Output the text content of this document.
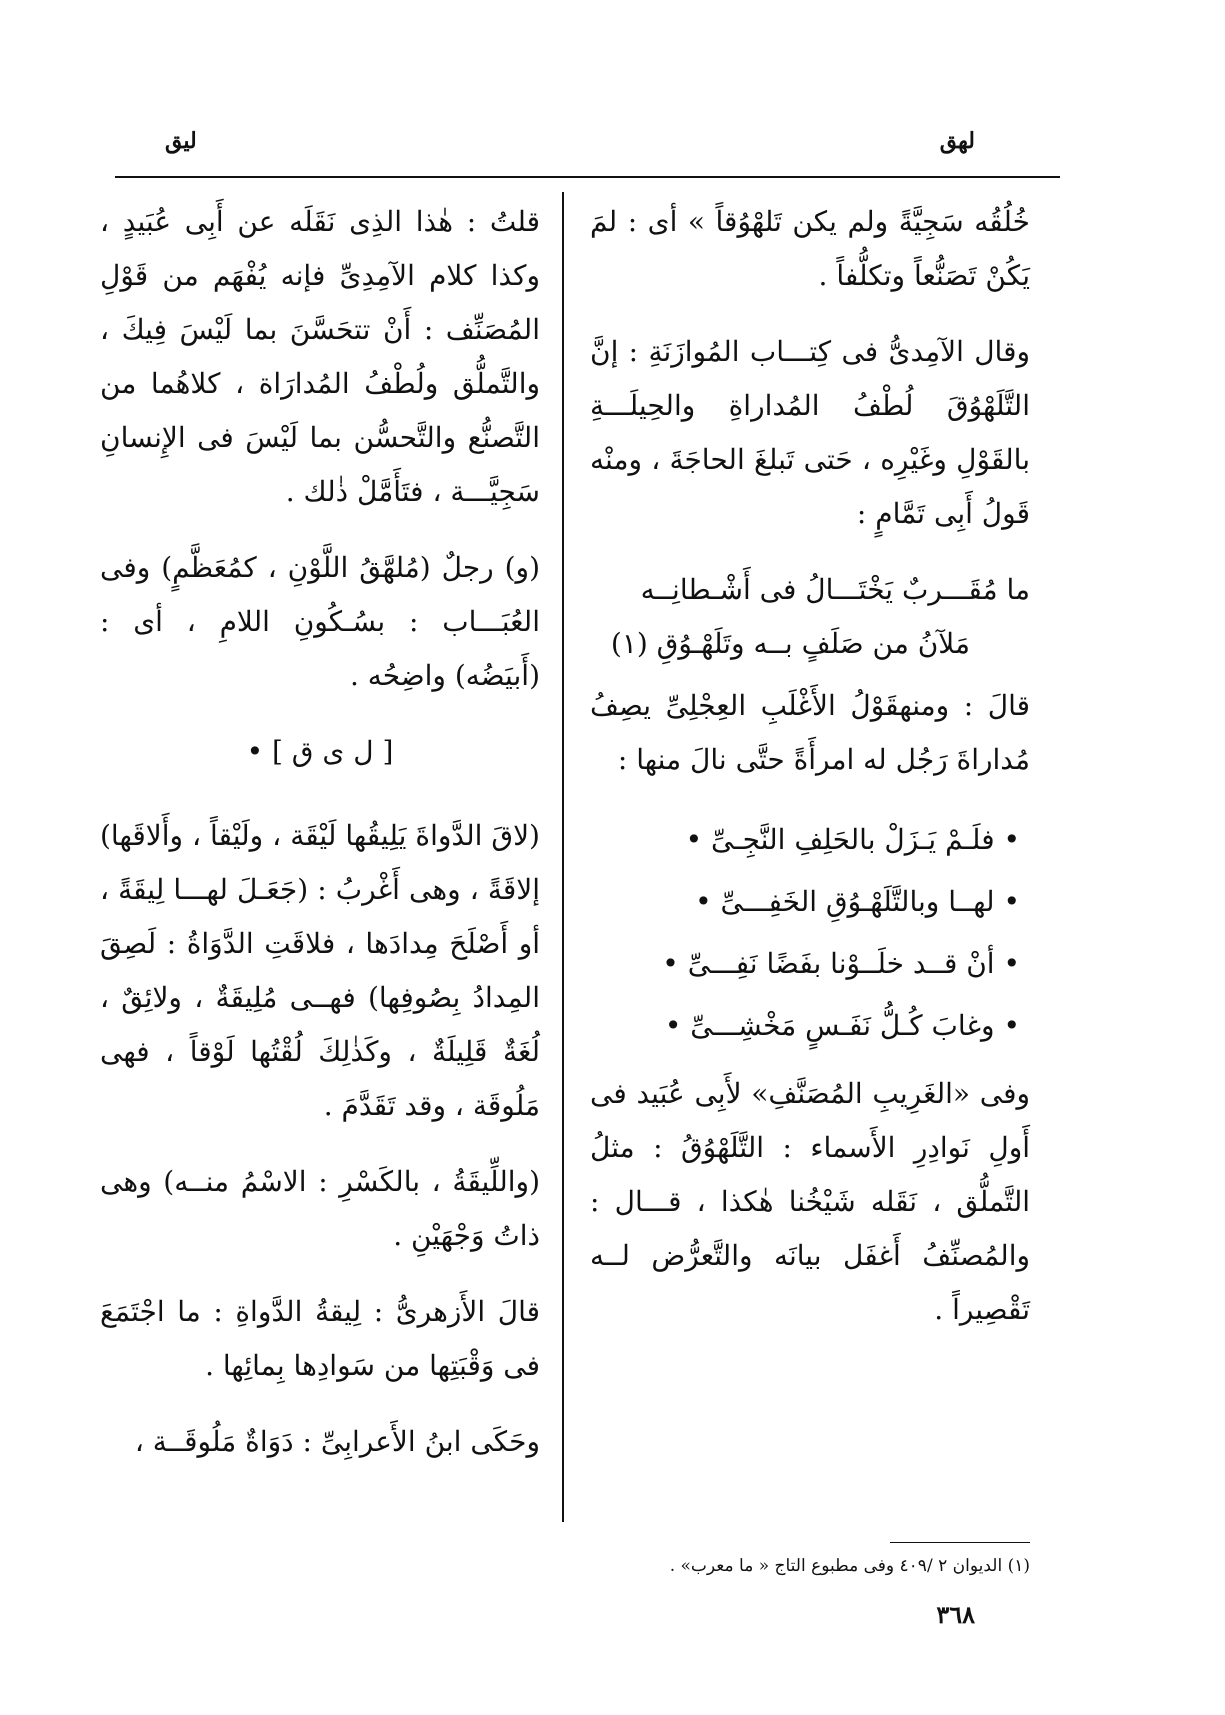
لهق
ليق

خُلُقُه سَجِيَّةً ولم يكن تَلهْوُقاً » أى : لمَ يَكُنْ تَصَنُّعاً وتكلُّفاً .

وقال الآمِدىُّ فى كِتـــاب المُوازَنَةِ : إنَّ التَّلَهْوُقَ لُطْفُ المُداراةِ والحِيلَـــةِ بالقَوْلِ وغَيْرِه ، حَتى تَبلغَ الحاجَةَ ، ومنْه قَولُ أَبِى تَمَّامٍ :

ما مُقَـــربٌ يَخْتَـــالُ فى أَشْـطانِــه
مَلآنُ من صَلَفٍ بــه وتَلَهْـوُقِ (١)

قالَ : ومنهقَوْلُ الأَغْلَبِ العِجْلِىِّ يصِفُ مُداراةَ رَجُل له امرأَةً حتَّى نالَ منها :

• فلَـمْ يَـزَلْ بالحَلِفِ النَّجِـىِّ •
• لهــا وبالتَّلَهْـوُقِ الخَفِـــىِّ •
• أنْ قــد خلَــوْنا بفَضًا نَفِـــىِّ •
• وغابَ كُـلُّ نَفَـسٍ مَخْشِـــىِّ •

وفى «الغَرِيبِ المُصَنَّفِ» لأَبِى عُبَيد فى أَولِ نَوادِرِ الأَسماء : التَّلَهْوُقُ : مثلُ التَّملُّق ، نَقَله شَيْخُنا هٰكذا ، قـــال : والمُصنِّفُ أَغفَل بيانَه والتَّعرُّض لــه تَقْصِيراً .

قلتُ : هٰذا الذِى نَقَلَه عن أَبِى عُبَيدٍ ، وكذا كلام الآمِدِىِّ فإنه يُفْهَم من قَوْلِ المُصَنِّف : أَنْ تتحَسَّنَ بما لَيْسَ فِيكَ ، والتَّملُّق ولُطْفُ المُدارَاة ، كلاهُما من التَّصنُّع والتَّحسُّن بما لَيْسَ فى الإِنسانِ سَجِيَّـــة ، فتَأَمَّلْ ذٰلك .

(و) رجلٌ (مُلهَّقُ اللَّوْنِ ، كمُعَظَّمٍ) وفى العُبَـــاب : بسُـكُونِ اللامِ ، أى : (أَبيَضُه) واضِحُه .

[ ل ى ق ] •

(لاقَ الدَّواةَ يَلِيقُها لَيْقَة ، ولَيْقاً ، وأَلاقَها) إلاقَةً ، وهى أَغْربُ : (جَعَـلَ لهـــا لِيقَةً ، أو أَصْلَحَ مِدادَها ، فلاقَتِ الدَّوَاةُ : لَصِقَ المِدادُ بِصُوفِها) فهــى مُلِيقَةٌ ، ولائِقٌ ، لُغَةٌ قَلِيلَةٌ ، وكَذٰلِكَ لُقْتُها لَوْقاً ، فهى مَلُوقَة ، وقد تَقَدَّمَ .

(واللِّيقَةُ ، بالكَسْرِ : الاسْمُ منــه) وهى ذاتُ وَجْهَيْنِ .

قالَ الأَزهرىُّ : لِيقةُ الدَّواةِ : ما اجْتَمَعَ فى وَقْبَتِها من سَوادِها بِمائِها .

وحَكَى ابنُ الأَعرابِىِّ : دَوَاةٌ مَلُوقَــة ،

(١) الديوان ٢ /٤٠٩ وفى مطبوع التاج « ما معرب» .
٣٦٨
